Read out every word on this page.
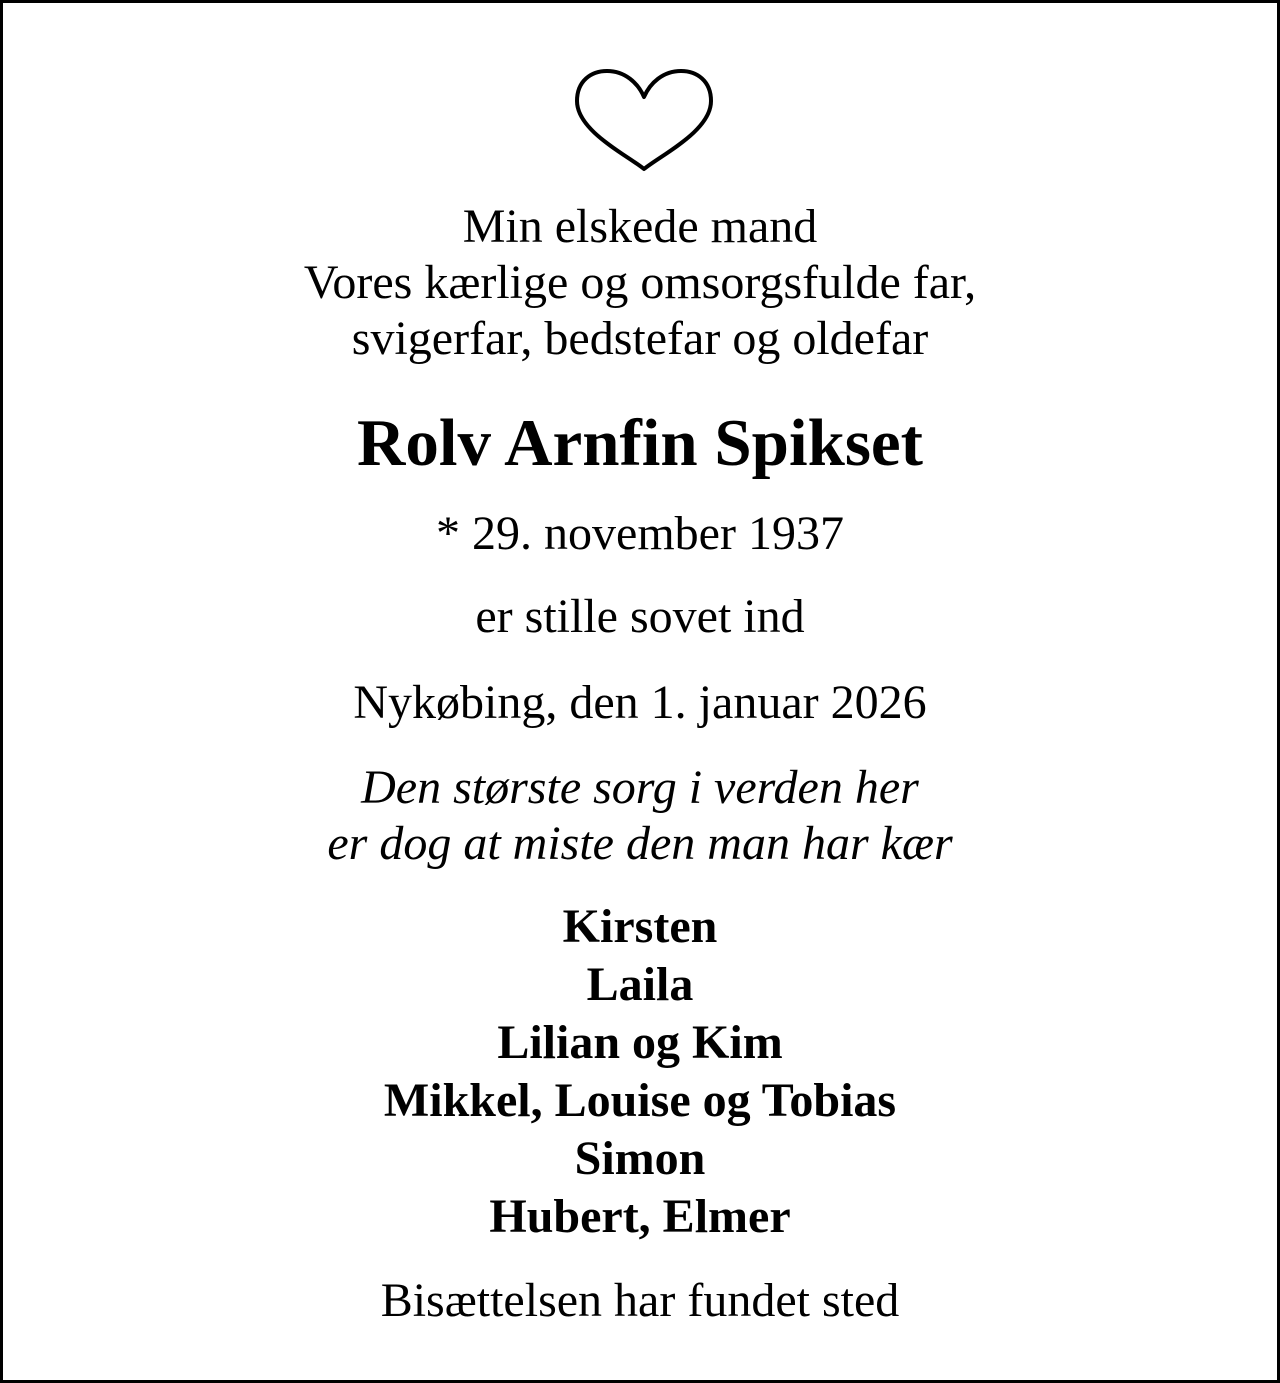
Min elskede mand
Vores kærlige og omsorgsfulde far,
svigerfar, bedstefar og oldefar
Rolv Arnfin Spikset
* 29. november 1937
er stille sovet ind
Nykøbing, den 1. januar 2026
Den største sorg i verden her
er dog at miste den man har kær
Kirsten
Laila
Lilian og Kim
Mikkel, Louise og Tobias
Simon
Hubert, Elmer
Bisættelsen har fundet sted
